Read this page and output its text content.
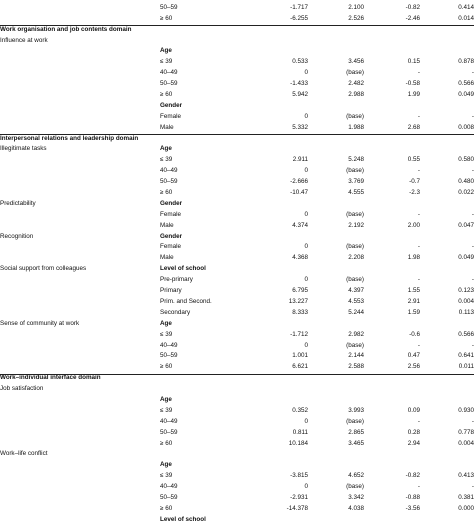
50–59	-1.717	2.100	-0.82	0.414
≥ 60	-6.255	2.526	-2.46	0.014
Work organisation and job contents domain
Influence at work
Age
≤ 39	0.533	3.456	0.15	0.878
40–49	0	(base)	-	-
50–59	-1.433	2.482	-0.58	0.566
≥ 60	5.942	2.988	1.99	0.049
Gender
Female	0	(base)	-	-
Male	5.332	1.988	2.68	0.008
Interpersonal relations and leadership domain
Illegitimate tasks	Age
≤ 39	2.911	5.248	0.55	0.580
40–49	0	(base)	-	-
50–59	-2.666	3.769	-0.7	0.480
≥ 60	-10.47	4.555	-2.3	0.022
Predictability	Gender
Female	0	(base)	-	-
Male	4.374	2.192	2.00	0.047
Recognition	Gender
Female	0	(base)	-	-
Male	4.368	2.208	1.98	0.049
Social support from colleagues	Level of school
Pre-primary	0	(base)	-	-
Primary	6.795	4.397	1.55	0.123
Prim. and Second.	13.227	4.553	2.91	0.004
Secondary	8.333	5.244	1.59	0.113
Sense of community at work	Age
≤ 39	-1.712	2.982	-0.6	0.566
40–49	0	(base)	-	-
50–59	1.001	2.144	0.47	0.641
≥ 60	6.621	2.588	2.56	0.011
Work–individual interface domain
Job satisfaction
Age
≤ 39	0.352	3.993	0.09	0.930
40–49	0	(base)	-	-
50–59	0.811	2.865	0.28	0.778
≥ 60	10.184	3.465	2.94	0.004
Work–life conflict
Age
≤ 39	-3.815	4.652	-0.82	0.413
40–49	0	(base)	-	-
50–59	-2.931	3.342	-0.88	0.381
≥ 60	-14.378	4.038	-3.56	0.000
Level of school
